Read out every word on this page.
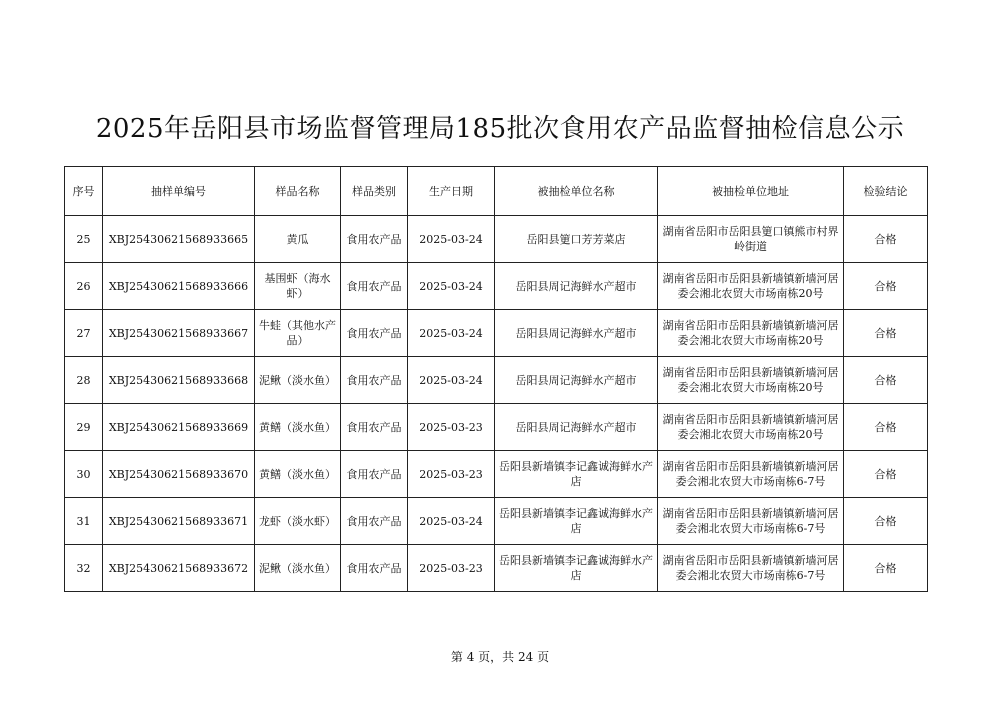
2025年岳阳县市场监督管理局185批次食用农产品监督抽检信息公示
序号	抽样单编号	样品名称	样品类别	生产日期	被抽检单位名称	被抽检单位地址	检验结论
25	XBJ25430621568933665	黄瓜	食用农产品	2025-03-24	岳阳县筻口芳芳菜店	湖南省岳阳市岳阳县筻口镇熊市村界岭街道	合格
26	XBJ25430621568933666	基围虾（海水虾）	食用农产品	2025-03-24	岳阳县周记海鲜水产超市	湖南省岳阳市岳阳县新墙镇新墙河居委会湘北农贸大市场南栋20号	合格
27	XBJ25430621568933667	牛蛙（其他水产品）	食用农产品	2025-03-24	岳阳县周记海鲜水产超市	湖南省岳阳市岳阳县新墙镇新墙河居委会湘北农贸大市场南栋20号	合格
28	XBJ25430621568933668	泥鳅（淡水鱼）	食用农产品	2025-03-24	岳阳县周记海鲜水产超市	湖南省岳阳市岳阳县新墙镇新墙河居委会湘北农贸大市场南栋20号	合格
29	XBJ25430621568933669	黄鳝（淡水鱼）	食用农产品	2025-03-23	岳阳县周记海鲜水产超市	湖南省岳阳市岳阳县新墙镇新墙河居委会湘北农贸大市场南栋20号	合格
30	XBJ25430621568933670	黄鳝（淡水鱼）	食用农产品	2025-03-23	岳阳县新墙镇李记鑫诚海鲜水产店	湖南省岳阳市岳阳县新墙镇新墙河居委会湘北农贸大市场南栋6-7号	合格
31	XBJ25430621568933671	龙虾（淡水虾）	食用农产品	2025-03-24	岳阳县新墙镇李记鑫诚海鲜水产店	湖南省岳阳市岳阳县新墙镇新墙河居委会湘北农贸大市场南栋6-7号	合格
32	XBJ25430621568933672	泥鳅（淡水鱼）	食用农产品	2025-03-23	岳阳县新墙镇李记鑫诚海鲜水产店	湖南省岳阳市岳阳县新墙镇新墙河居委会湘北农贸大市场南栋6-7号	合格
第 4 页，共 24 页
